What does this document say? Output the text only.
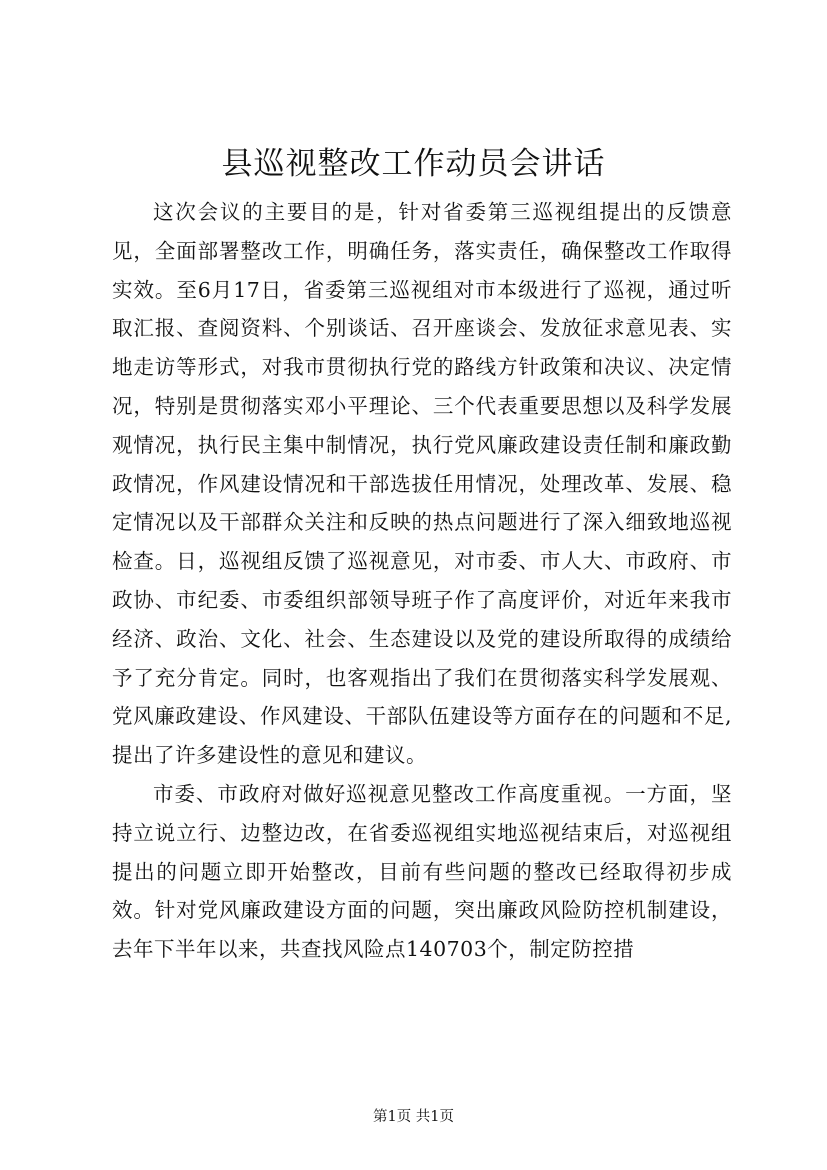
县巡视整改工作动员会讲话

这次会议的主要目的是，针对省委第三巡视组提出的反馈意见，全面部署整改工作，明确任务，落实责任，确保整改工作取得实效。至6月17日，省委第三巡视组对市本级进行了巡视，通过听取汇报、查阅资料、个别谈话、召开座谈会、发放征求意见表、实地走访等形式，对我市贯彻执行党的路线方针政策和决议、决定情况，特别是贯彻落实邓小平理论、三个代表重要思想以及科学发展观情况，执行民主集中制情况，执行党风廉政建设责任制和廉政勤政情况，作风建设情况和干部选拔任用情况，处理改革、发展、稳定情况以及干部群众关注和反映的热点问题进行了深入细致地巡视检查。日，巡视组反馈了巡视意见，对市委、市人大、市政府、市政协、市纪委、市委组织部领导班子作了高度评价，对近年来我市经济、政治、文化、社会、生态建设以及党的建设所取得的成绩给予了充分肯定。同时，也客观指出了我们在贯彻落实科学发展观、党风廉政建设、作风建设、干部队伍建设等方面存在的问题和不足,提出了许多建设性的意见和建议。

市委、市政府对做好巡视意见整改工作高度重视。一方面，坚持立说立行、边整边改，在省委巡视组实地巡视结束后，对巡视组提出的问题立即开始整改，目前有些问题的整改已经取得初步成效。针对党风廉政建设方面的问题，突出廉政风险防控机制建设，去年下半年以来，共查找风险点140703个，制定防控措

第1页 共1页
